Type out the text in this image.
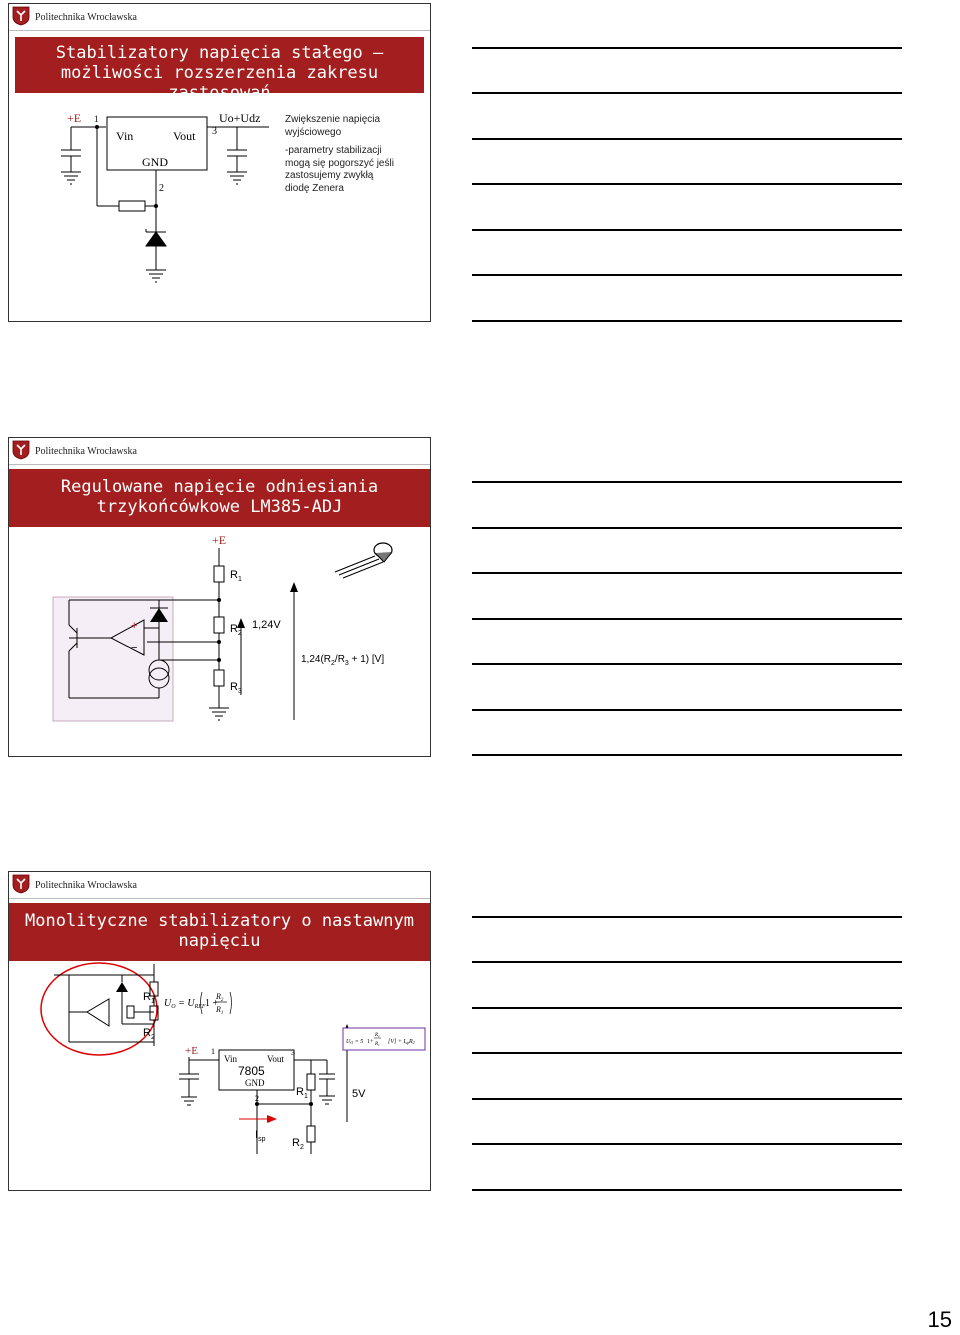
Politechnika Wrocławska
Stabilizatory napięcia stałego – możliwości rozszerzenia zakresu zastosowań
+E 1
Vin	Vout
GND
2
3
Uo+Udz Zwiększenie napięcia
wyjściowego
-parametry stabilizacji
mogą się pogorszyć jeśli
zastosujemy zwykłą
diodę Zenera
Politechnika Wrocławska
Regulowane napięcie odniesiania trzykońcówkowe LM385-ADJ
+E
+
−
$R_1$
$R_2$
1,24V
$1,24(R_2/R_3 + 1)$ [V]
$R_3$
Politechnika Wrocławska
Monolityczne stabilizatory o nastawnym napięciu
$R_1$
$R_2$
$U_O = U_{REF}$ 1 +
$R_2$
$R_1$
UO = 5
$R_2$
$R_1$
1+ [V] + IspR2
+E 1
Vin	Vout
7805
GND
2
3
$R_1$	5V
$I_{sp}$ $R_2$
15
